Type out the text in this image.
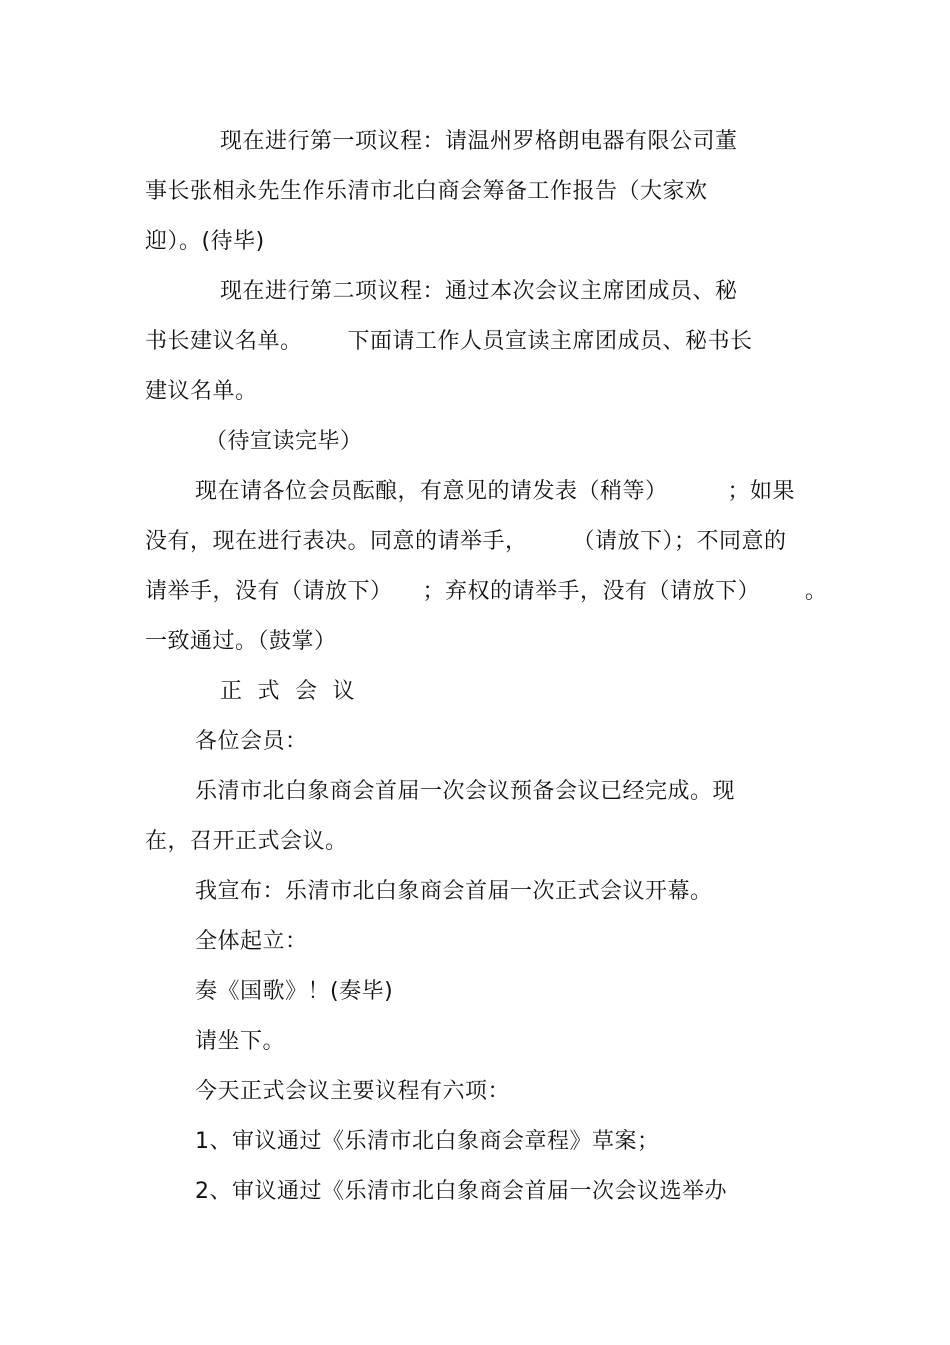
现在进行第一项议程：请温州罗格朗电器有限公司董
事长张相永先生作乐清市北白商会筹备工作报告（大家欢
迎）。(待毕)
现在进行第二项议程：通过本次会议主席团成员、秘
书长建议名单。      下面请工作人员宣读主席团成员、秘书长
建议名单。
（待宣读完毕）
现在请各位会员酝酿，有意见的请发表（稍等）        ；如果
没有，现在进行表决。同意的请举手，      （请放下）；不同意的
请举手，没有（请放下）    ；弃权的请举手，没有（请放下）      。
一致通过。（鼓掌）
正  式  会  议
各位会员：
乐清市北白象商会首届一次会议预备会议已经完成。现
在，召开正式会议。
我宣布：乐清市北白象商会首届一次正式会议开幕。
全体起立：
奏《国歌》！(奏毕)
请坐下。
今天正式会议主要议程有六项：
1、审议通过《乐清市北白象商会章程》草案；
2、审议通过《乐清市北白象商会首届一次会议选举办
